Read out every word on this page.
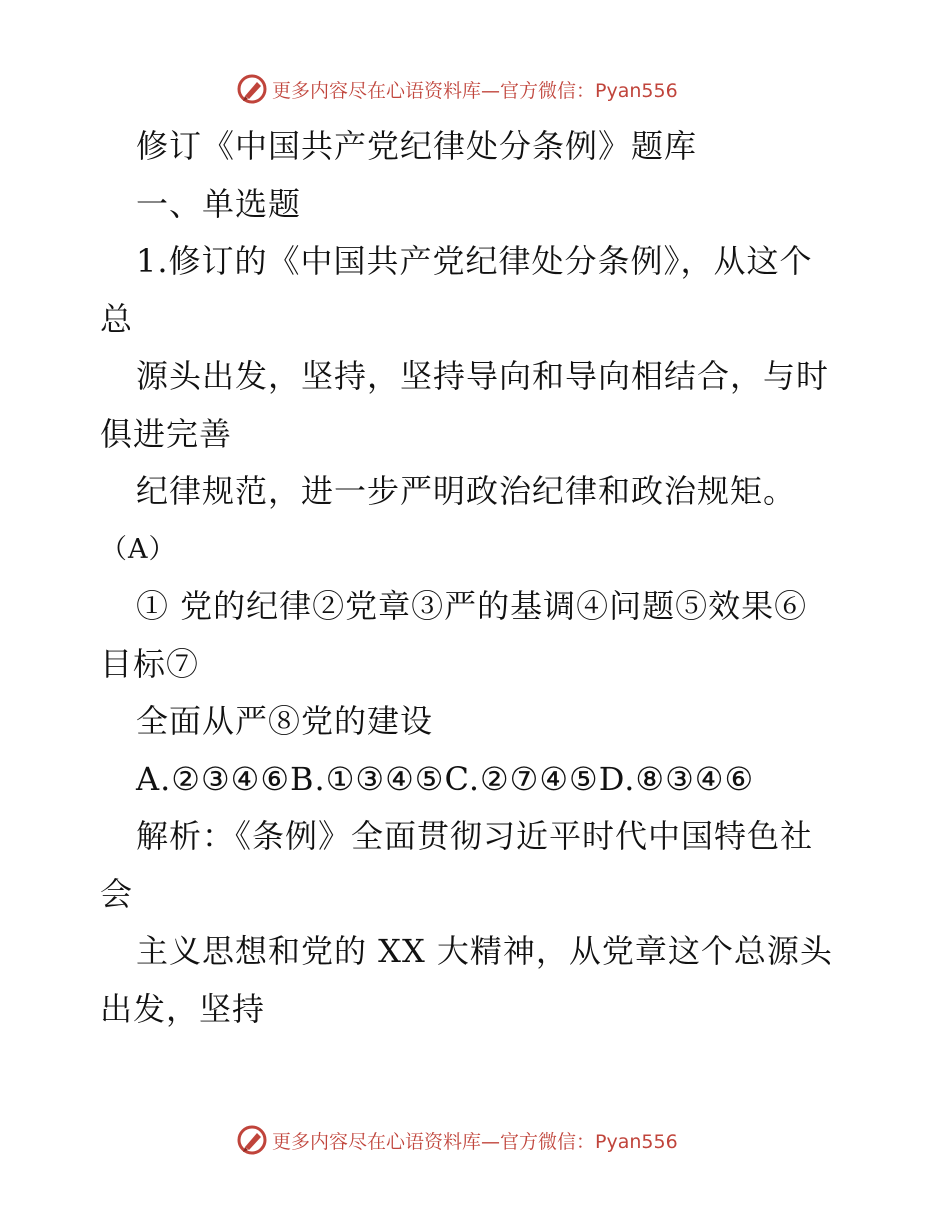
更多内容尽在心语资料库—官方微信：Pyan556
修订《中国共产党纪律处分条例》题库
一、单选题
1.修订的《中国共产党纪律处分条例》，从这个
总
源头出发，坚持，坚持导向和导向相结合，与时
俱进完善
纪律规范，进一步严明政治纪律和政治规矩。
（A）
① 党的纪律②党章③严的基调④问题⑤效果⑥
目标⑦
全面从严⑧党的建设
A.②③④⑥B.①③④⑤C.②⑦④⑤D.⑧③④⑥
解析：《条例》全面贯彻习近平时代中国特色社
会
主义思想和党的 XX 大精神，从党章这个总源头
出发，坚持
更多内容尽在心语资料库—官方微信：Pyan556
